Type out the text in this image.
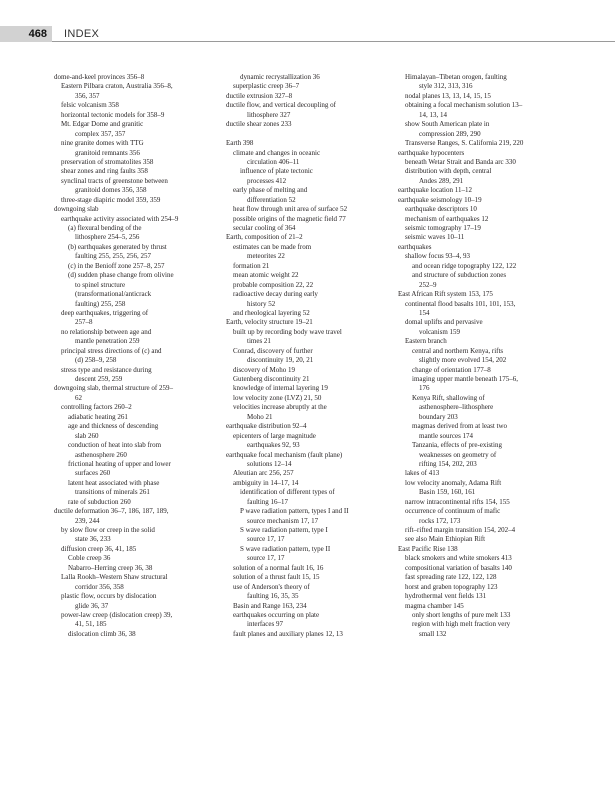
468	INDEX
dome-and-keel provinces 356–8
Eastern Pilbara craton, Australia 356–8,
356, 357
felsic volcanism 358
horizontal tectonic models for 358–9
Mt. Edgar Dome and granitic
complex 357, 357
nine granite domes with TTG
granitoid remnants 356
preservation of stromatolites 358
shear zones and ring faults 358
synclinal tracts of greenstone between
granitoid domes 356, 358
three-stage diapiric model 359, 359
downgoing slab
earthquake activity associated with 254–9
(a) flexural bending of the
lithosphere 254–5, 256
(b) earthquakes generated by thrust
faulting 255, 255, 256, 257
(c) in the Benioff zone 257–8, 257
(d) sudden phase change from olivine
to spinel structure
(transformational/anticrack
faulting) 255, 258
deep earthquakes, triggering of
257–8
no relationship between age and
mantle penetration 259
principal stress directions of (c) and
(d) 258–9, 258
stress type and resistance during
descent 259, 259
downgoing slab, thermal structure of 259–
62
controlling factors 260–2
adiabatic heating 261
age and thickness of descending
slab 260
conduction of heat into slab from
asthenosphere 260
frictional heating of upper and lower
surfaces 260
latent heat associated with phase
transitions of minerals 261
rate of subduction 260
ductile deformation 36–7, 186, 187, 189,
239, 244
by slow flow or creep in the solid
state 36, 233
diffusion creep 36, 41, 185
Coble creep 36
Nabarro–Herring creep 36, 38
Lalla Rookh–Western Shaw structural
corridor 356, 358
plastic flow, occurs by dislocation
glide 36, 37
power-law creep (dislocation creep) 39,
41, 51, 185
dislocation climb 36, 38
dynamic recrystallization 36
superplastic creep 36–7
ductile extrusion 327–8
ductile flow, and vertical decoupling of
lithosphere 327
ductile shear zones 233
Earth 398
climate and changes in oceanic
circulation 406–11
influence of plate tectonic
processes 412
early phase of melting and
differentiation 52
heat flow through unit area of surface 52
possible origins of the magnetic field 77
secular cooling of 364
Earth, composition of 21–2
estimates can be made from
meteorites 22
formation 21
mean atomic weight 22
probable composition 22, 22
radioactive decay during early
history 52
and rheological layering 52
Earth, velocity structure 19–21
built up by recording body wave travel
times 21
Conrad, discovery of further
discontinuity 19, 20, 21
discovery of Moho 19
Gutenberg discontinuity 21
knowledge of internal layering 19
low velocity zone (LVZ) 21, 50
velocities increase abruptly at the
Moho 21
earthquake distribution 92–4
epicenters of large magnitude
earthquakes 92, 93
earthquake focal mechanism (fault plane)
solutions 12–14
Aleutian arc 256, 257
ambiguity in 14–17, 14
identification of different types of
faulting 16–17
P wave radiation pattern, types I and II
source mechanism 17, 17
S wave radiation pattern, type I
source 17, 17
S wave radiation pattern, type II
source 17, 17
solution of a normal fault 16, 16
solution of a thrust fault 15, 15
use of Anderson's theory of
faulting 16, 35, 35
Basin and Range 163, 234
earthquakes occurring on plate
interfaces 97
fault planes and auxiliary planes 12, 13
Himalayan–Tibetan orogen, faulting
style 312, 313, 316
nodal planes 13, 13, 14, 15, 15
obtaining a focal mechanism solution 13–
14, 13, 14
show South American plate in
compression 289, 290
Transverse Ranges, S. California 219, 220
earthquake hypocenters
beneath Wetar Strait and Banda arc 330
distribution with depth, central
Andes 289, 291
earthquake location 11–12
earthquake seismology 10–19
earthquake descriptors 10
mechanism of earthquakes 12
seismic tomography 17–19
seismic waves 10–11
earthquakes
shallow focus 93–4, 93
and ocean ridge topography 122, 122
and structure of subduction zones
252–9
East African Rift system 153, 175
continental flood basalts 101, 101, 153,
154
domal uplifts and pervasive
volcanism 159
Eastern branch
central and northern Kenya, rifts
slightly more evolved 154, 202
change of orientation 177–8
imaging upper mantle beneath 175–6,
176
Kenya Rift, shallowing of
asthenosphere–lithosphere
boundary 203
magmas derived from at least two
mantle sources 174
Tanzania, effects of pre-existing
weaknesses on geometry of
rifting 154, 202, 203
lakes of 413
low velocity anomaly, Adama Rift
Basin 159, 160, 161
narrow intracontinental rifts 154, 155
occurrence of continuum of mafic
rocks 172, 173
rift–rifted margin transition 154, 202–4
see also Main Ethiopian Rift
East Pacific Rise 138
black smokers and white smokers 413
compositional variation of basalts 140
fast spreading rate 122, 122, 128
horst and graben topography 123
hydrothermal vent fields 131
magma chamber 145
only short lengths of pure melt 133
region with high melt fraction very
small 132
